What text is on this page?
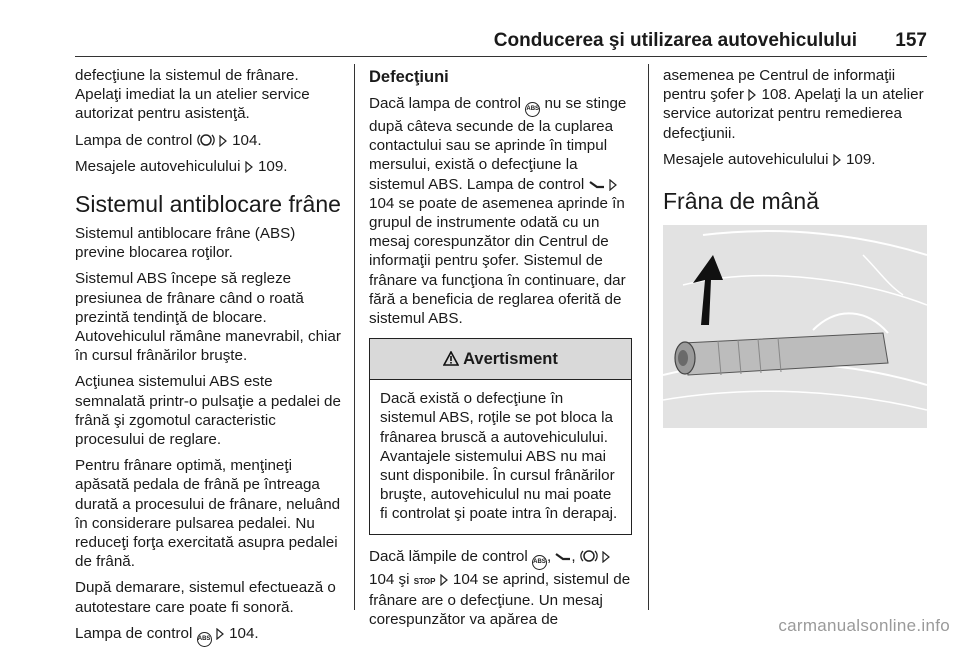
Conducerea şi utilizarea autovehiculului 157

defecţiune la sistemul de frânare. Apelaţi imediat la un atelier service autorizat pentru asistenţă.

Lampa de control	104.

Mesajele autovehiculului 109.

Sistemul antiblocare frâne

Sistemul antiblocare frâne (ABS) previne blocarea roţilor.

Sistemul ABS începe să regleze presiunea de frânare când o roată prezintă tendinţă de blocare. Autovehiculul rămâne manevrabil, chiar în cursul frânărilor bruşte.

Acţiunea sistemului ABS este semnalată printr-o pulsaţie a pedalei de frână şi zgomotul caracteristic procesului de reglare.

Pentru frânare optimă, menţineţi apăsată pedala de frână pe întreaga durată a procesului de frânare, neluând în considerare pulsarea pedalei. Nu reduceţi forţa exercitată asupra pedalei de frână.

După demarare, sistemul efectuează o autotestare care poate fi sonoră.

Lampa de control ABS 104.

Defecţiuni

Dacă lampa de control ABS nu se stinge după câteva secunde de la cuplarea contactului sau se aprinde în timpul mersului, există o defecţiune la sistemul ABS. Lampa de control   104 se poate de asemenea aprinde în grupul de instrumente odată cu un mesaj corespunzător din Centrul de informaţii pentru şofer. Sistemul de frânare va funcţiona în continuare, dar fără a beneficia de reglarea oferită de sistemul ABS.

Avertisment
Dacă există o defecţiune în sistemul ABS, roţile se pot bloca la frânarea bruscă a autovehiculului. Avantajele sistemului ABS nu mai sunt disponibile. În cursul frânărilor bruşte, autovehiculul nu mai poate fi controlat şi poate intra în derapaj.

Dacă lămpile de control ABS, ,   104 şi STOP 104 se aprind, sistemul de frânare are o defecţiune. Un mesaj corespunzător va apărea de

asemenea pe Centrul de informaţii pentru şofer 108. Apelaţi la un atelier service autorizat pentru remedierea defecţiunii.

Mesajele autovehiculului 109.

Frâna de mână
carmanualsonline.info
